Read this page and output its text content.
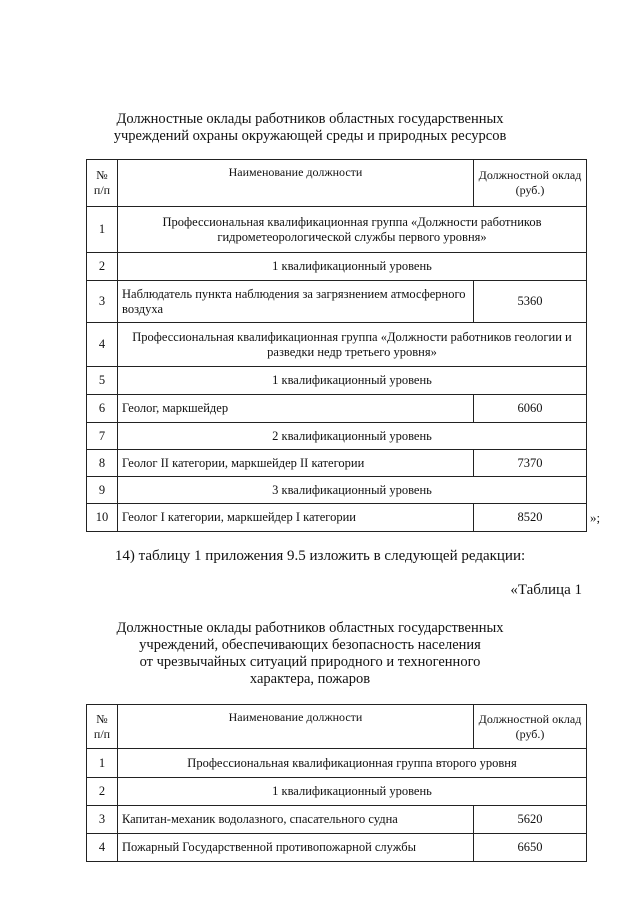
Должностные оклады работников областных государственных
учреждений охраны окружающей среды и природных ресурсов
№ п/п	Наименование должности	Должностной оклад (руб.)
1	Профессиональная квалификационная группа «Должности работников гидрометеорологической службы первого уровня»	
2	1 квалификационный уровень	
3	Наблюдатель пункта наблюдения за загрязнением атмосферного воздуха	5360
4	Профессиональная квалификационная группа «Должности работников геологии и разведки недр третьего уровня»	
5	1 квалификационный уровень	
6	Геолог, маркшейдер	6060
7	2 квалификационный уровень	
8	Геолог II категории, маркшейдер II категории	7370
9	3 квалификационный уровень	
10	Геолог I категории, маркшейдер I категории	8520	»;
14) таблицу 1 приложения 9.5 изложить в следующей редакции:
«Таблица 1
Должностные оклады работников областных государственных
учреждений, обеспечивающих безопасность населения
от чрезвычайных ситуаций природного и техногенного
характера, пожаров
№ п/п	Наименование должности	Должностной оклад (руб.)
1	Профессиональная квалификационная группа второго уровня	
2	1 квалификационный уровень	
3	Капитан-механик водолазного, спасательного судна	5620
4	Пожарный Государственной противопожарной службы	6650
